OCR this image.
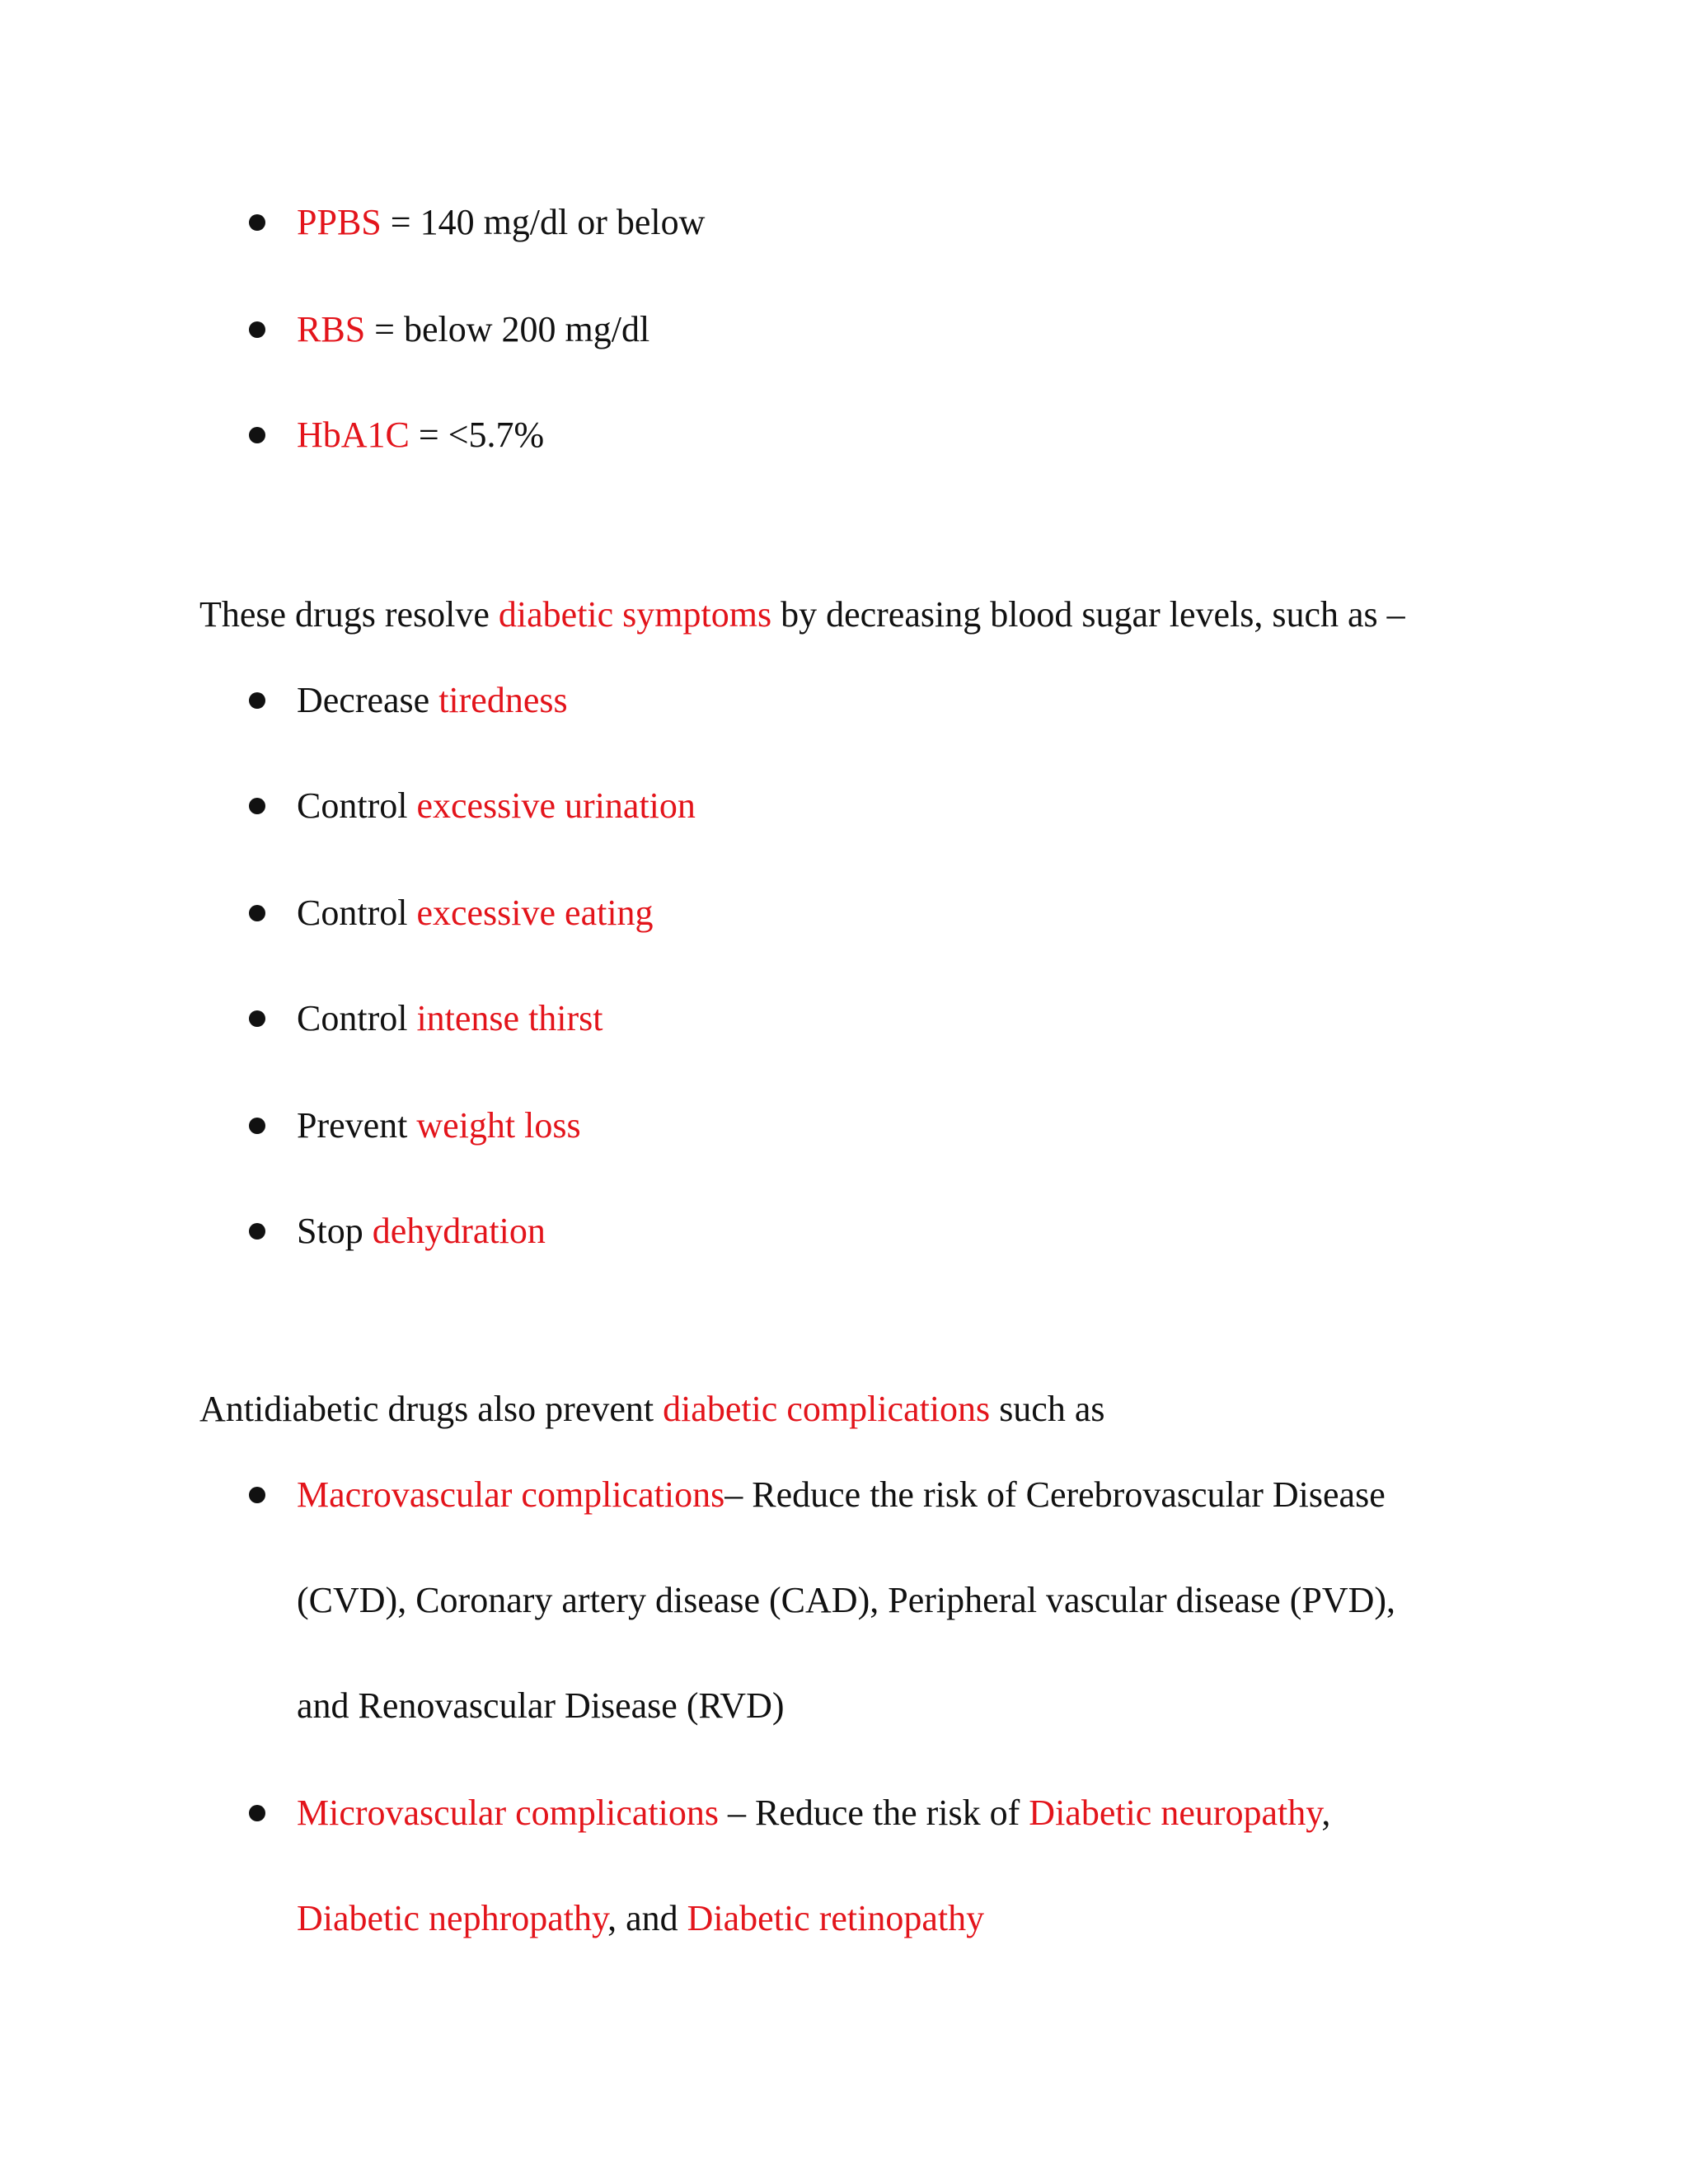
PPBS = 140 mg/dl or below
RBS = below 200 mg/dl
HbA1C = <5.7%
These drugs resolve diabetic symptoms by decreasing blood sugar levels, such as –
Decrease tiredness
Control excessive urination
Control excessive eating
Control intense thirst
Prevent weight loss
Stop dehydration
Antidiabetic drugs also prevent diabetic complications such as
Macrovascular complications– Reduce the risk of Cerebrovascular Disease
(CVD), Coronary artery disease (CAD), Peripheral vascular disease (PVD),
and Renovascular Disease (RVD)
Microvascular complications – Reduce the risk of Diabetic neuropathy,
Diabetic nephropathy, and Diabetic retinopathy
